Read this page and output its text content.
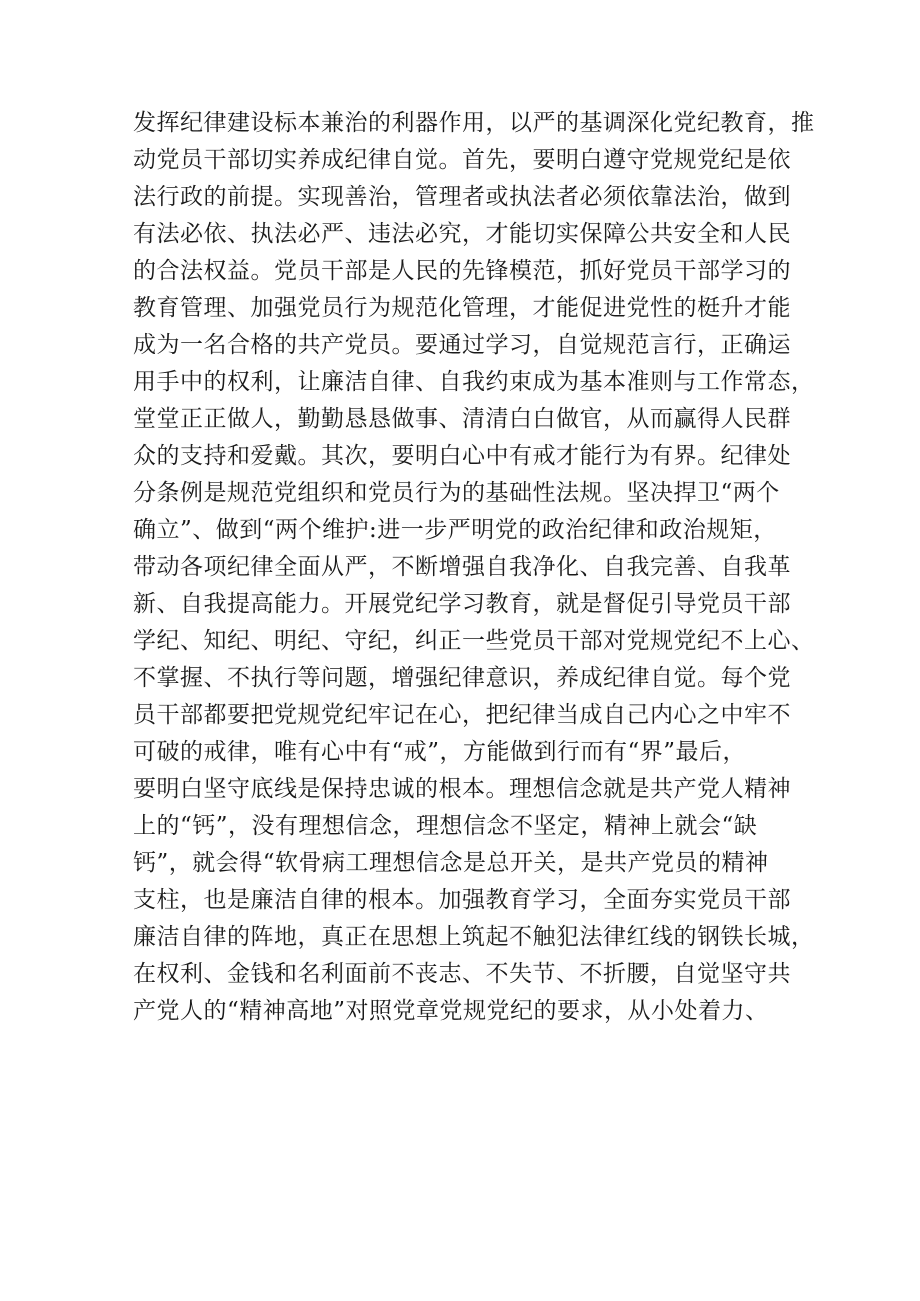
发挥纪律建设标本兼治的利器作用，以严的基调深化党纪教育，推
动党员干部切实养成纪律自觉。首先，要明白遵守党规党纪是依
法行政的前提。实现善治，管理者或执法者必须依靠法治，做到
有法必依、执法必严、违法必究，才能切实保障公共安全和人民
的合法权益。党员干部是人民的先锋模范，抓好党员干部学习的
教育管理、加强党员行为规范化管理，才能促进党性的梃升才能
成为一名合格的共产党员。要通过学习，自觉规范言行，正确运
用手中的权利，让廉洁自律、自我约束成为基本准则与工作常态，
堂堂正正做人，勤勤恳恳做事、清清白白做官，从而赢得人民群
众的支持和爱戴。其次，要明白心中有戒才能行为有界。纪律处
分条例是规范党组织和党员行为的基础性法规。坚决捍卫“两个
确立”、做到“两个维护:进一步严明党的政治纪律和政治规矩，
带动各项纪律全面从严，不断增强自我净化、自我完善、自我革
新、自我提高能力。开展党纪学习教育，就是督促引导党员干部
学纪、知纪、明纪、守纪，纠正一些党员干部对党规党纪不上心、
不掌握、不执行等问题，增强纪律意识，养成纪律自觉。每个党
员干部都要把党规党纪牢记在心，把纪律当成自己内心之中牢不
可破的戒律，唯有心中有“戒”，方能做到行而有“界”最后，
要明白坚守底线是保持忠诚的根本。理想信念就是共产党人精神
上的“钙”，没有理想信念，理想信念不坚定，精神上就会“缺
钙”，就会得“软骨病工理想信念是总开关，是共产党员的精神
支柱，也是廉洁自律的根本。加强教育学习，全面夯实党员干部
廉洁自律的阵地，真正在思想上筑起不触犯法律红线的钢铁长城，
在权利、金钱和名利面前不丧志、不失节、不折腰，自觉坚守共
产党人的“精神高地”对照党章党规党纪的要求，从小处着力、
